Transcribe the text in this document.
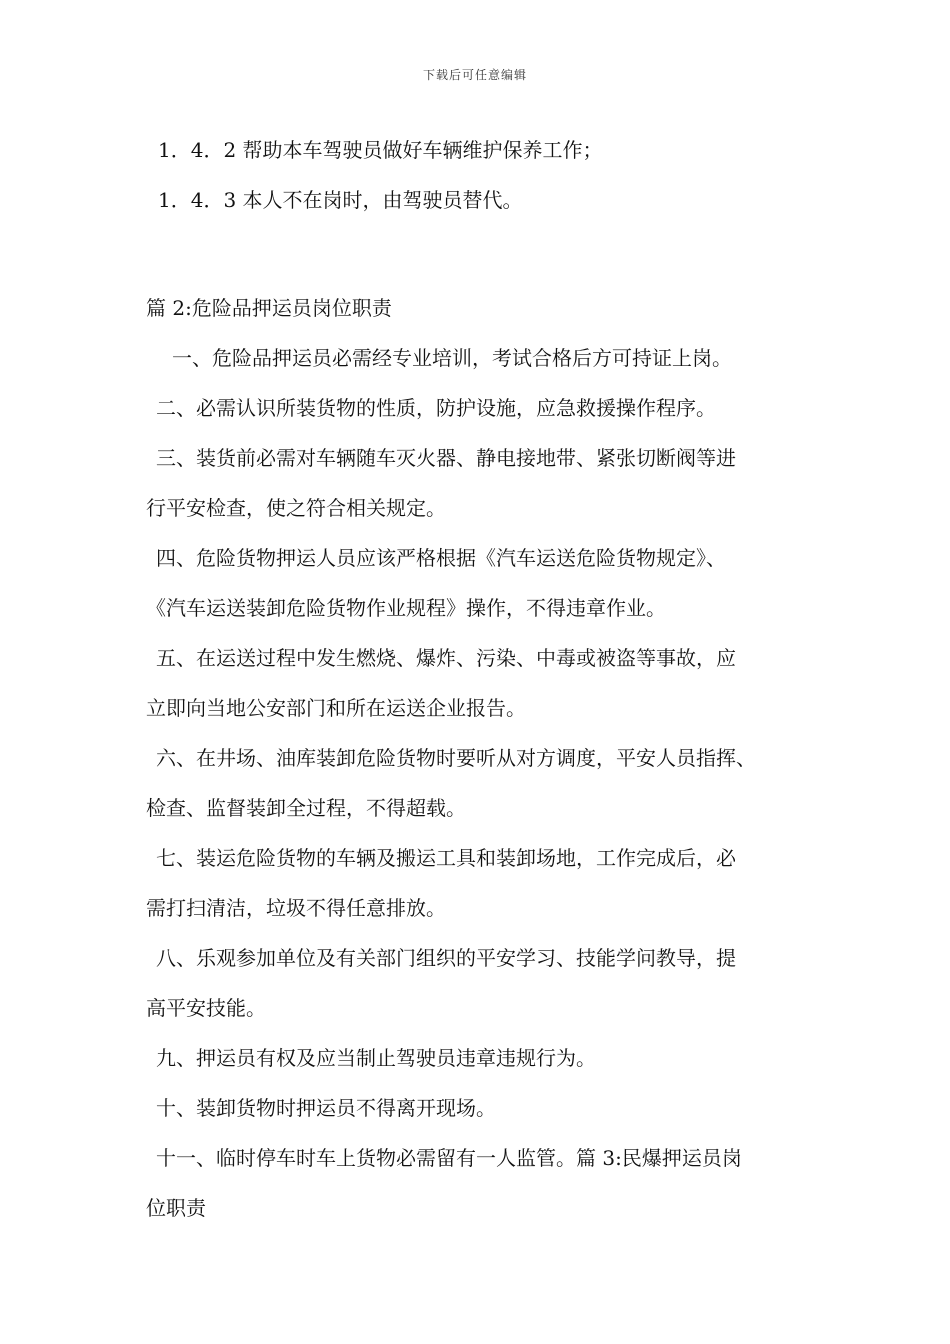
下载后可任意编辑
1．4．2 帮助本车驾驶员做好车辆维护保养工作；
1．4．3 本人不在岗时，由驾驶员替代。
篇 2:危险品押运员岗位职责
一、危险品押运员必需经专业培训，考试合格后方可持证上岗。
二、必需认识所装货物的性质，防护设施，应急救援操作程序。
三、装货前必需对车辆随车灭火器、静电接地带、紧张切断阀等进
行平安检查，使之符合相关规定。
四、危险货物押运人员应该严格根据《汽车运送危险货物规定》、
《汽车运送装卸危险货物作业规程》操作，不得违章作业。
五、在运送过程中发生燃烧、爆炸、污染、中毒或被盗等事故，应
立即向当地公安部门和所在运送企业报告。
六、在井场、油库装卸危险货物时要听从对方调度，平安人员指挥、
检查、监督装卸全过程，不得超载。
七、装运危险货物的车辆及搬运工具和装卸场地，工作完成后，必
需打扫清洁，垃圾不得任意排放。
八、乐观参加单位及有关部门组织的平安学习、技能学问教导，提
高平安技能。
九、押运员有权及应当制止驾驶员违章违规行为。
十、装卸货物时押运员不得离开现场。
十一、临时停车时车上货物必需留有一人监管。篇 3:民爆押运员岗
位职责
